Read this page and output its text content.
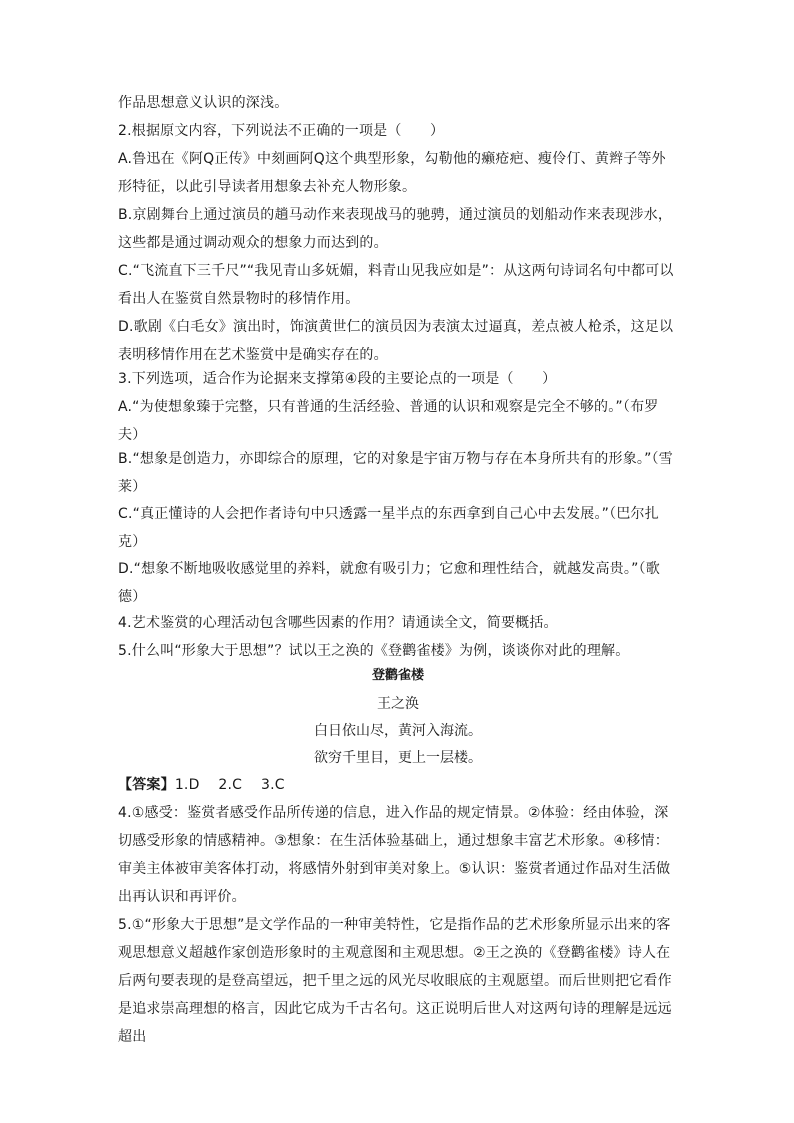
作品思想意义认识的深浅。

2.根据原文内容，下列说法不正确的一项是（　　）

A.鲁迅在《阿Q正传》中刻画阿Q这个典型形象，勾勒他的癞疮疤、瘦伶仃、黄辫子等外形特征，以此引导读者用想象去补充人物形象。

B.京剧舞台上通过演员的趟马动作来表现战马的驰骋，通过演员的划船动作来表现涉水，这些都是通过调动观众的想象力而达到的。

C.“飞流直下三千尺”“我见青山多妩媚，料青山见我应如是”：从这两句诗词名句中都可以看出人在鉴赏自然景物时的移情作用。

D.歌剧《白毛女》演出时，饰演黄世仁的演员因为表演太过逼真，差点被人枪杀，这足以表明移情作用在艺术鉴赏中是确实存在的。

3.下列选项，适合作为论据来支撑第④段的主要论点的一项是（　　）

A.“为使想象臻于完整，只有普通的生活经验、普通的认识和观察是完全不够的。”（布罗夫）

B.“想象是创造力，亦即综合的原理，它的对象是宇宙万物与存在本身所共有的形象。”（雪莱）

C.“真正懂诗的人会把作者诗句中只透露一星半点的东西拿到自己心中去发展。”（巴尔扎克）

D.“想象不断地吸收感觉里的养料，就愈有吸引力；它愈和理性结合，就越发高贵。”（歌德）

4.艺术鉴赏的心理活动包含哪些因素的作用？请通读全文，简要概括。

5.什么叫“形象大于思想”？试以王之涣的《登鹳雀楼》为例，谈谈你对此的理解。

登鹳雀楼

王之涣

白日依山尽，黄河入海流。

欲穷千里目，更上一层楼。

【答案】1.D　 2.C　 3.C

4.①感受：鉴赏者感受作品所传递的信息，进入作品的规定情景。②体验：经由体验，深切感受形象的情感精神。③想象：在生活体验基础上，通过想象丰富艺术形象。④移情：审美主体被审美客体打动，将感情外射到审美对象上。⑤认识：鉴赏者通过作品对生活做出再认识和再评价。

5.①“形象大于思想”是文学作品的一种审美特性，它是指作品的艺术形象所显示出来的客观思想意义超越作家创造形象时的主观意图和主观思想。②王之涣的《登鹳雀楼》诗人在后两句要表现的是登高望远，把千里之远的风光尽收眼底的主观愿望。而后世则把它看作是追求崇高理想的格言，因此它成为千古名句。这正说明后世人对这两句诗的理解是远远超出
